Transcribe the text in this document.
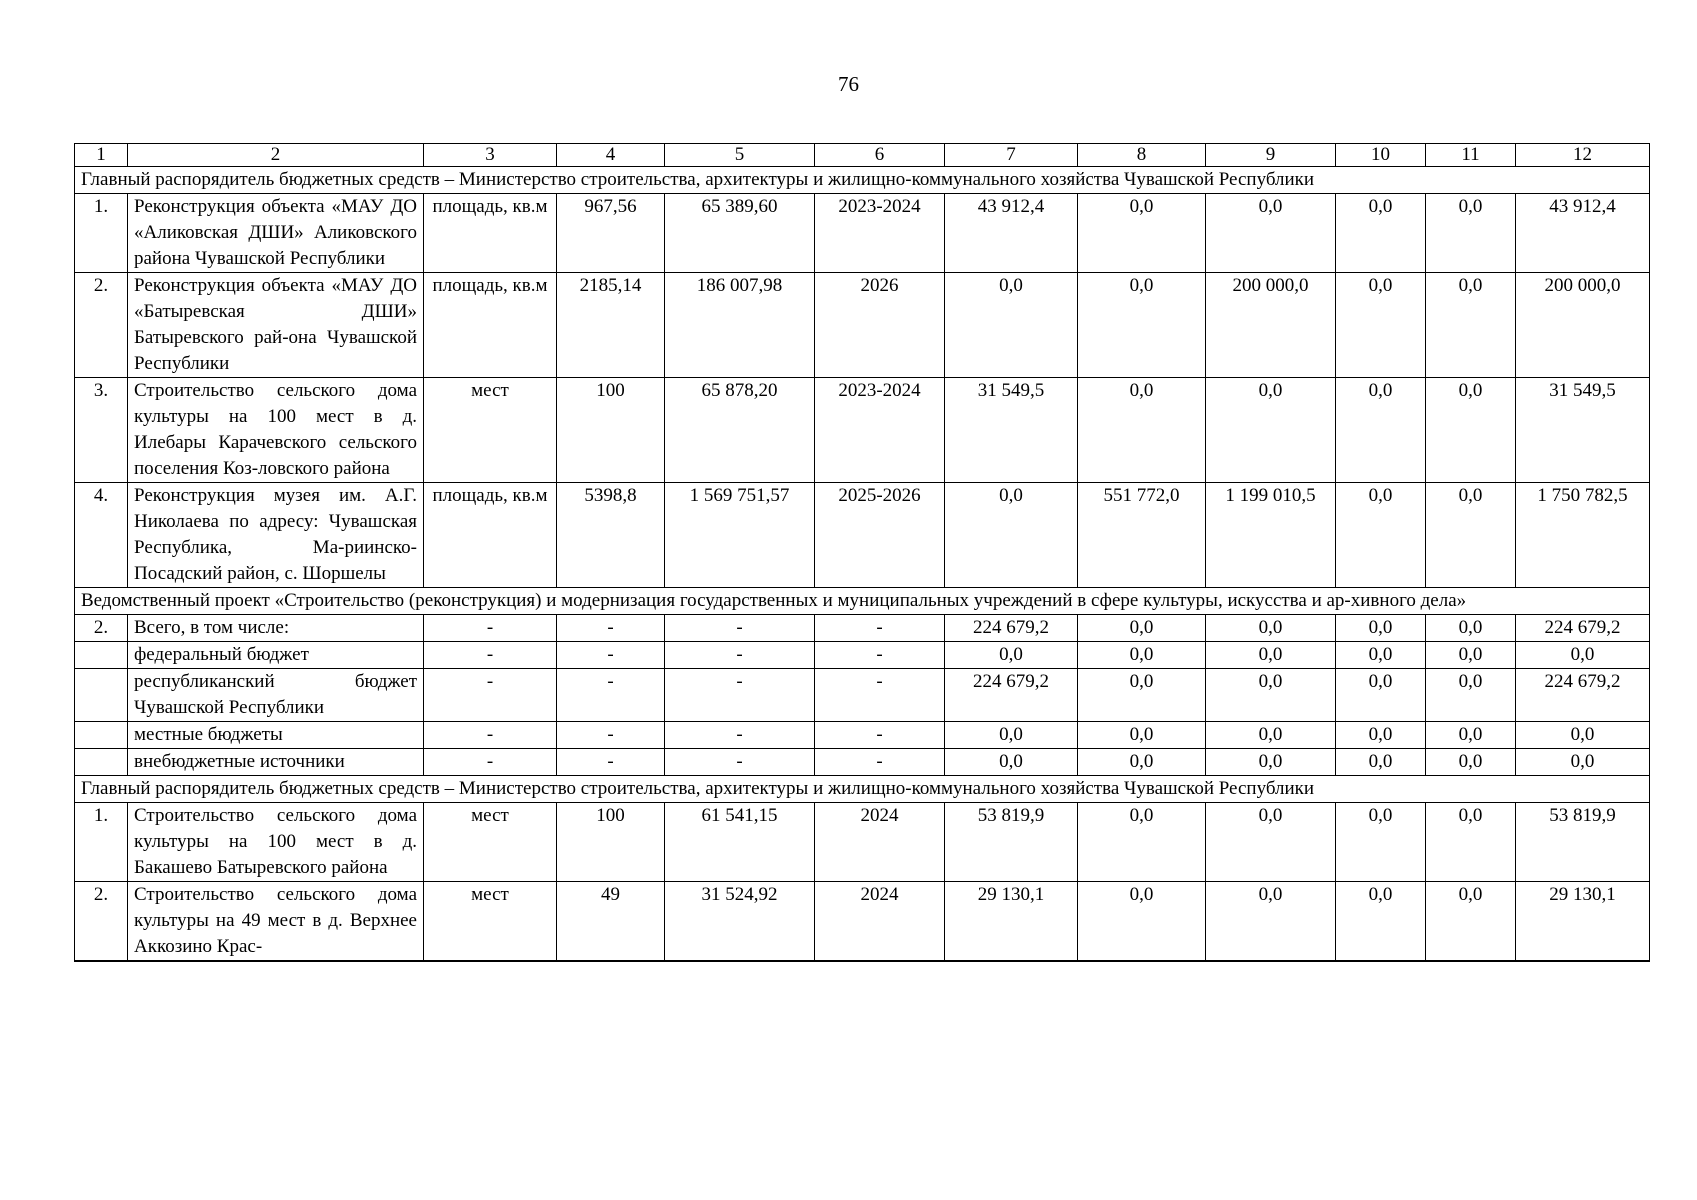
76
1	2	3	4	5	6	7	8	9	10	11	12
Главный распорядитель бюджетных средств – Министерство строительства, архитектуры и жилищно-коммунального хозяйства Чувашской Республики											
1.	Реконструкция объекта «МАУ ДО «Аликовская ДШИ» Аликовского района Чувашской Республики	площадь, кв.м	967,56	65 389,60	2023-2024	43 912,4	0,0	0,0	0,0	0,0	43 912,4
2.	Реконструкция объекта «МАУ ДО «Батыревская ДШИ» Батыревского рай-она Чувашской Республики	площадь, кв.м	2185,14	186 007,98	2026	0,0	0,0	200 000,0	0,0	0,0	200 000,0
3.	Строительство сельского дома культуры на 100 мест в д. Илебары Карачевского сельского поселения Коз-ловского района	мест	100	65 878,20	2023-2024	31 549,5	0,0	0,0	0,0	0,0	31 549,5
4.	Реконструкция музея им. А.Г. Николаева по адресу: Чувашская Республика, Ма-риинско-Посадский район, с. Шоршелы	площадь, кв.м	5398,8	1 569 751,57	2025-2026	0,0	551 772,0	1 199 010,5	0,0	0,0	1 750 782,5
Ведомственный проект «Строительство (реконструкция) и модернизация государственных и муниципальных учреждений в сфере культуры, искусства и ар-хивного дела»											
2.	Всего, в том числе:	-	-	-	-	224 679,2	0,0	0,0	0,0	0,0	224 679,2
	федеральный бюджет	-	-	-	-	0,0	0,0	0,0	0,0	0,0	0,0
	республиканский бюджет Чувашской Республики	-	-	-	-	224 679,2	0,0	0,0	0,0	0,0	224 679,2
	местные бюджеты	-	-	-	-	0,0	0,0	0,0	0,0	0,0	0,0
	внебюджетные источники	-	-	-	-	0,0	0,0	0,0	0,0	0,0	0,0
Главный распорядитель бюджетных средств – Министерство строительства, архитектуры и жилищно-коммунального хозяйства Чувашской Республики											
1.	Строительство сельского дома культуры на 100 мест в д. Бакашево Батыревского района	мест	100	61 541,15	2024	53 819,9	0,0	0,0	0,0	0,0	53 819,9
2.	Строительство сельского дома культуры на 49 мест в д. Верхнее Аккозино Крас-	мест	49	31 524,92	2024	29 130,1	0,0	0,0	0,0	0,0	29 130,1
